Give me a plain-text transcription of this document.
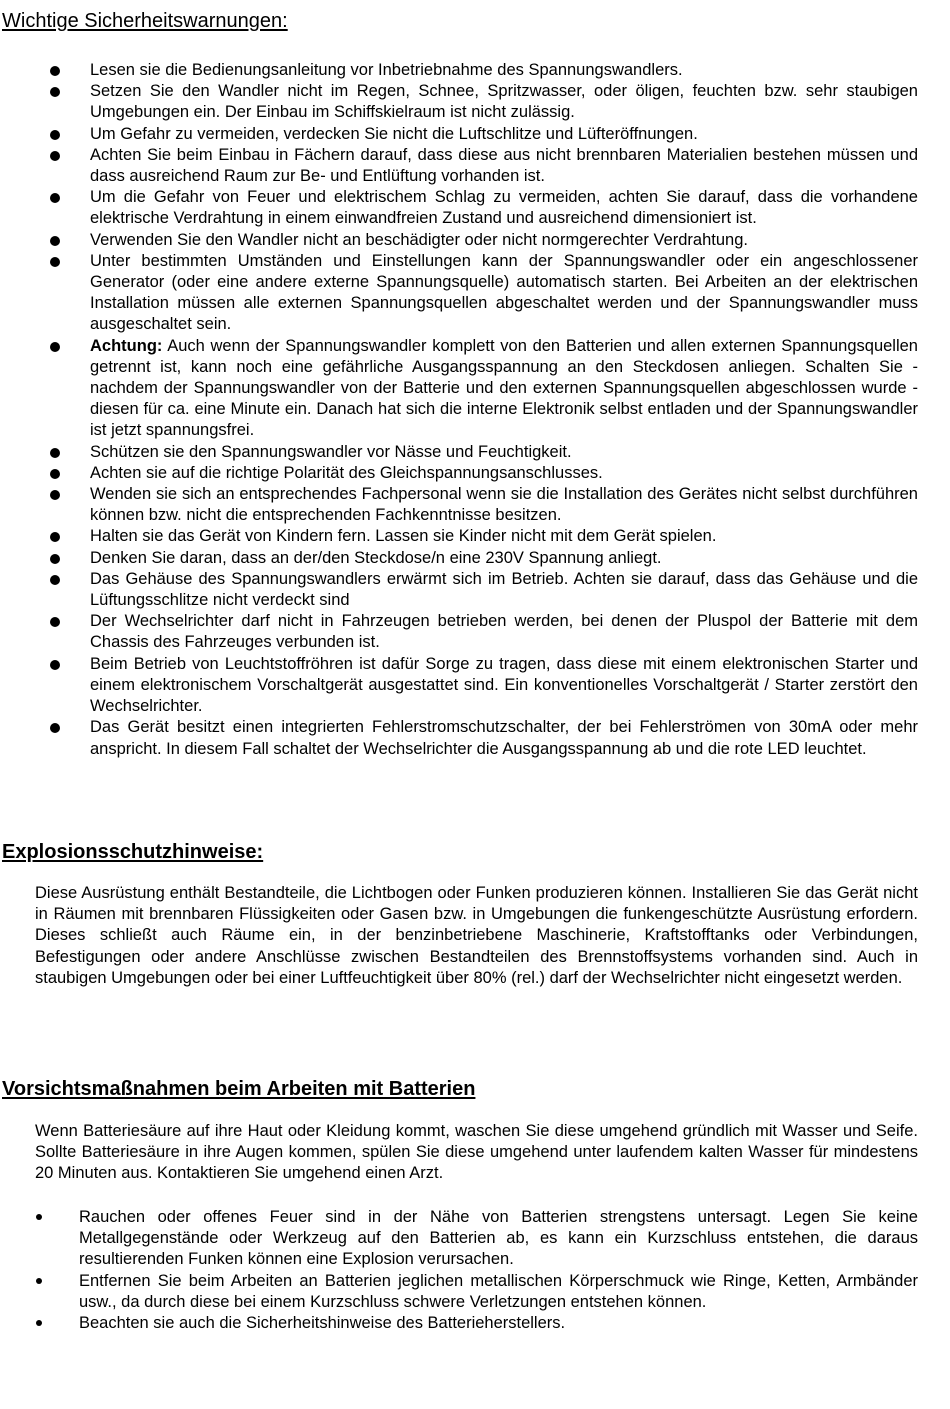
Wichtige Sicherheitswarnungen:
Lesen sie die Bedienungsanleitung vor Inbetriebnahme des Spannungswandlers.
Setzen Sie den Wandler nicht im Regen, Schnee, Spritzwasser, oder öligen, feuchten bzw. sehr staubigen Umgebungen ein. Der Einbau im Schiffskielraum ist nicht zulässig.
Um Gefahr zu vermeiden, verdecken Sie nicht die Luftschlitze und Lüfteröffnungen.
Achten Sie beim Einbau in Fächern darauf, dass diese aus nicht brennbaren Materialien bestehen müssen und dass ausreichend Raum zur Be- und Entlüftung vorhanden ist.
Um die Gefahr von Feuer und elektrischem Schlag zu vermeiden, achten Sie darauf, dass die vorhandene elektrische Verdrahtung in einem einwandfreien Zustand und ausreichend dimensioniert ist.
Verwenden Sie den Wandler nicht an beschädigter oder nicht normgerechter Verdrahtung.
Unter bestimmten Umständen und Einstellungen kann der Spannungswandler oder ein angeschlossener Generator (oder eine andere externe Spannungsquelle) automatisch starten. Bei Arbeiten an der elektrischen Installation müssen alle externen Spannungsquellen abgeschaltet werden und der Spannungswandler muss ausgeschaltet sein.
Achtung: Auch wenn der Spannungswandler komplett von den Batterien und allen externen Spannungsquellen getrennt ist, kann noch eine gefährliche Ausgangsspannung an den Steckdosen anliegen. Schalten Sie - nachdem der Spannungswandler von der Batterie und den externen Spannungsquellen abgeschlossen wurde - diesen für ca. eine Minute ein. Danach hat sich die interne Elektronik selbst entladen und der Spannungswandler ist jetzt spannungsfrei.
Schützen sie den Spannungswandler vor Nässe und Feuchtigkeit.
Achten sie auf die richtige Polarität des Gleichspannungsanschlusses.
Wenden sie sich an entsprechendes Fachpersonal wenn sie die Installation des Gerätes nicht selbst durchführen können bzw. nicht die entsprechenden Fachkenntnisse besitzen.
Halten sie das Gerät von Kindern fern. Lassen sie Kinder nicht mit dem Gerät spielen.
Denken Sie daran, dass an der/den Steckdose/n eine 230V Spannung anliegt.
Das Gehäuse des Spannungswandlers erwärmt sich im Betrieb. Achten sie darauf, dass das Gehäuse und die Lüftungsschlitze nicht verdeckt sind
Der Wechselrichter darf nicht in Fahrzeugen betrieben werden, bei denen der Pluspol der Batterie mit dem Chassis des Fahrzeuges verbunden ist.
Beim Betrieb von Leuchtstoffröhren ist dafür Sorge zu tragen, dass diese mit einem elektronischen Starter und einem elektronischem Vorschaltgerät ausgestattet sind. Ein konventionelles Vorschaltgerät / Starter zerstört den Wechselrichter.
Das Gerät besitzt einen integrierten Fehlerstromschutzschalter, der bei Fehlerströmen von 30mA oder mehr anspricht. In diesem Fall schaltet der Wechselrichter die Ausgangsspannung ab und die rote LED leuchtet.
Explosionsschutzhinweise:

Diese Ausrüstung enthält Bestandteile, die Lichtbogen oder Funken produzieren können. Installieren Sie das Gerät nicht in Räumen mit brennbaren Flüssigkeiten oder Gasen bzw. in Umgebungen die funkengeschützte Ausrüstung erfordern. Dieses schließt auch Räume ein, in der benzinbetriebene Maschinerie, Kraftstofftanks oder Verbindungen, Befestigungen oder andere Anschlüsse zwischen Bestandteilen des Brennstoffsystems vorhanden sind. Auch in staubigen Umgebungen oder bei einer Luftfeuchtigkeit über 80% (rel.) darf der Wechselrichter nicht eingesetzt werden.

Vorsichtsmaßnahmen beim Arbeiten mit Batterien

Wenn Batteriesäure auf ihre Haut oder Kleidung kommt, waschen Sie diese umgehend gründlich mit Wasser und Seife. Sollte Batteriesäure in ihre Augen kommen, spülen Sie diese umgehend unter laufendem kalten Wasser für mindestens 20 Minuten aus. Kontaktieren Sie umgehend einen Arzt.

Rauchen oder offenes Feuer sind in der Nähe von Batterien strengstens untersagt. Legen Sie keine Metallgegenstände oder Werkzeug auf den Batterien ab, es kann ein Kurzschluss entstehen, die daraus resultierenden Funken können eine Explosion verursachen.
Entfernen Sie beim Arbeiten an Batterien jeglichen metallischen Körperschmuck wie Ringe, Ketten, Armbänder usw., da durch diese bei einem Kurzschluss schwere Verletzungen entstehen können.
Beachten sie auch die Sicherheitshinweise des Batterieherstellers.
